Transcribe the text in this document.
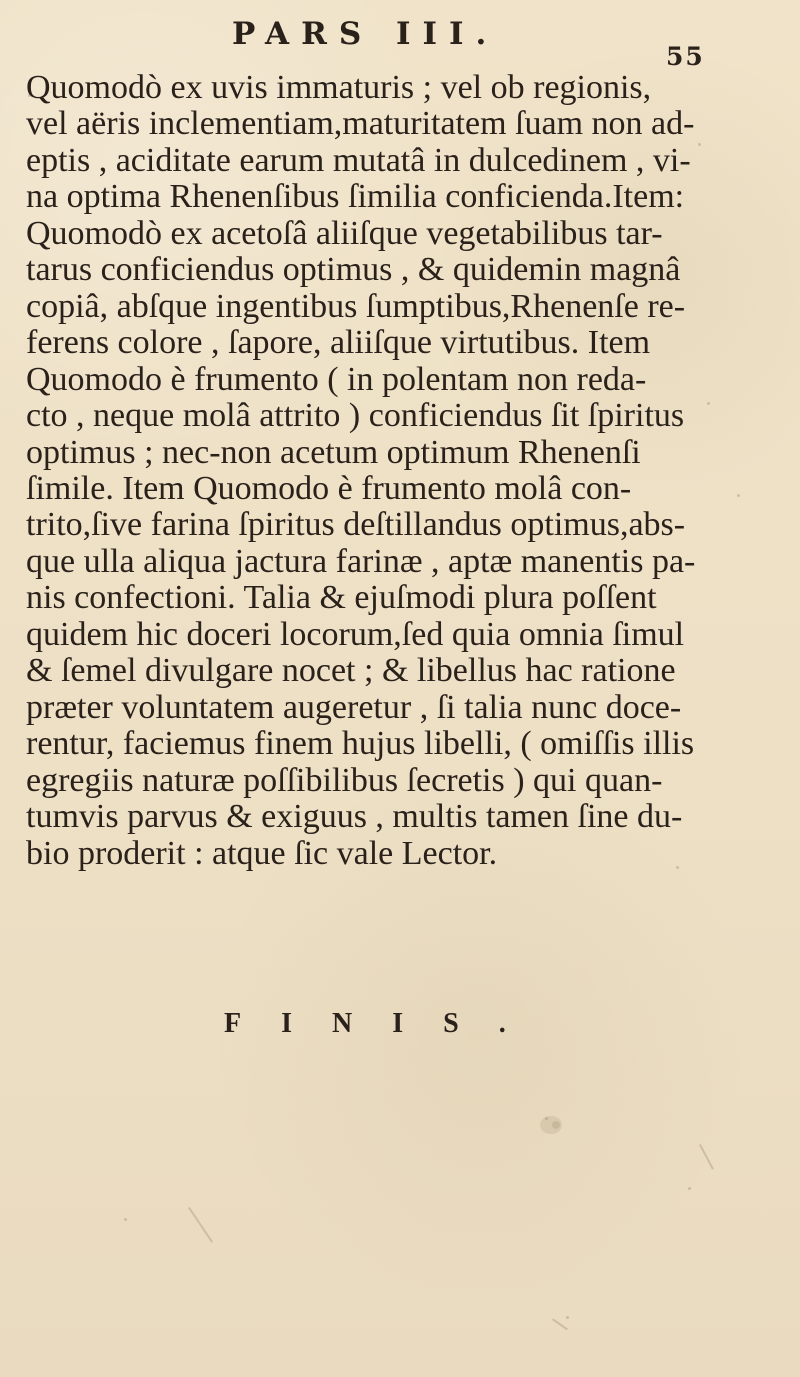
PARS III.
55
Quomodò ex uvis immaturis ; vel ob regionis,
vel aëris inclementiam,maturitatem ſuam non ad-
eptis , aciditate earum mutatâ in dulcedinem , vi-
na optima Rhenenſibus ſimilia conficienda.Item:
Quomodò ex acetoſâ aliiſque vegetabilibus tar-
tarus conficiendus optimus , & quidemin magnâ
copiâ, abſque ingentibus ſumptibus,Rhenenſe re-
ferens colore , ſapore, aliiſque virtutibus. Item
Quomodo è frumento ( in polentam non reda-
cto , neque molâ attrito ) conficiendus ſit ſpiritus
optimus ; nec-non acetum optimum Rhenenſi
ſimile. Item Quomodo è frumento molâ con-
trito,ſive farina ſpiritus deſtillandus optimus,abs-
que ulla aliqua jactura farinæ , aptæ manentis pa-
nis confectioni. Talia & ejuſmodi plura poſſent
quidem hic doceri locorum,ſed quia omnia ſimul
& ſemel divulgare nocet ; & libellus hac ratione
præter voluntatem augeretur , ſi talia nunc doce-
rentur, faciemus finem hujus libelli, ( omiſſis illis
egregiis naturæ poſſibilibus ſecretis ) qui quan-
tumvis parvus & exiguus , multis tamen ſine du-
bio proderit : atque ſic vale Lector.
FINIS.
